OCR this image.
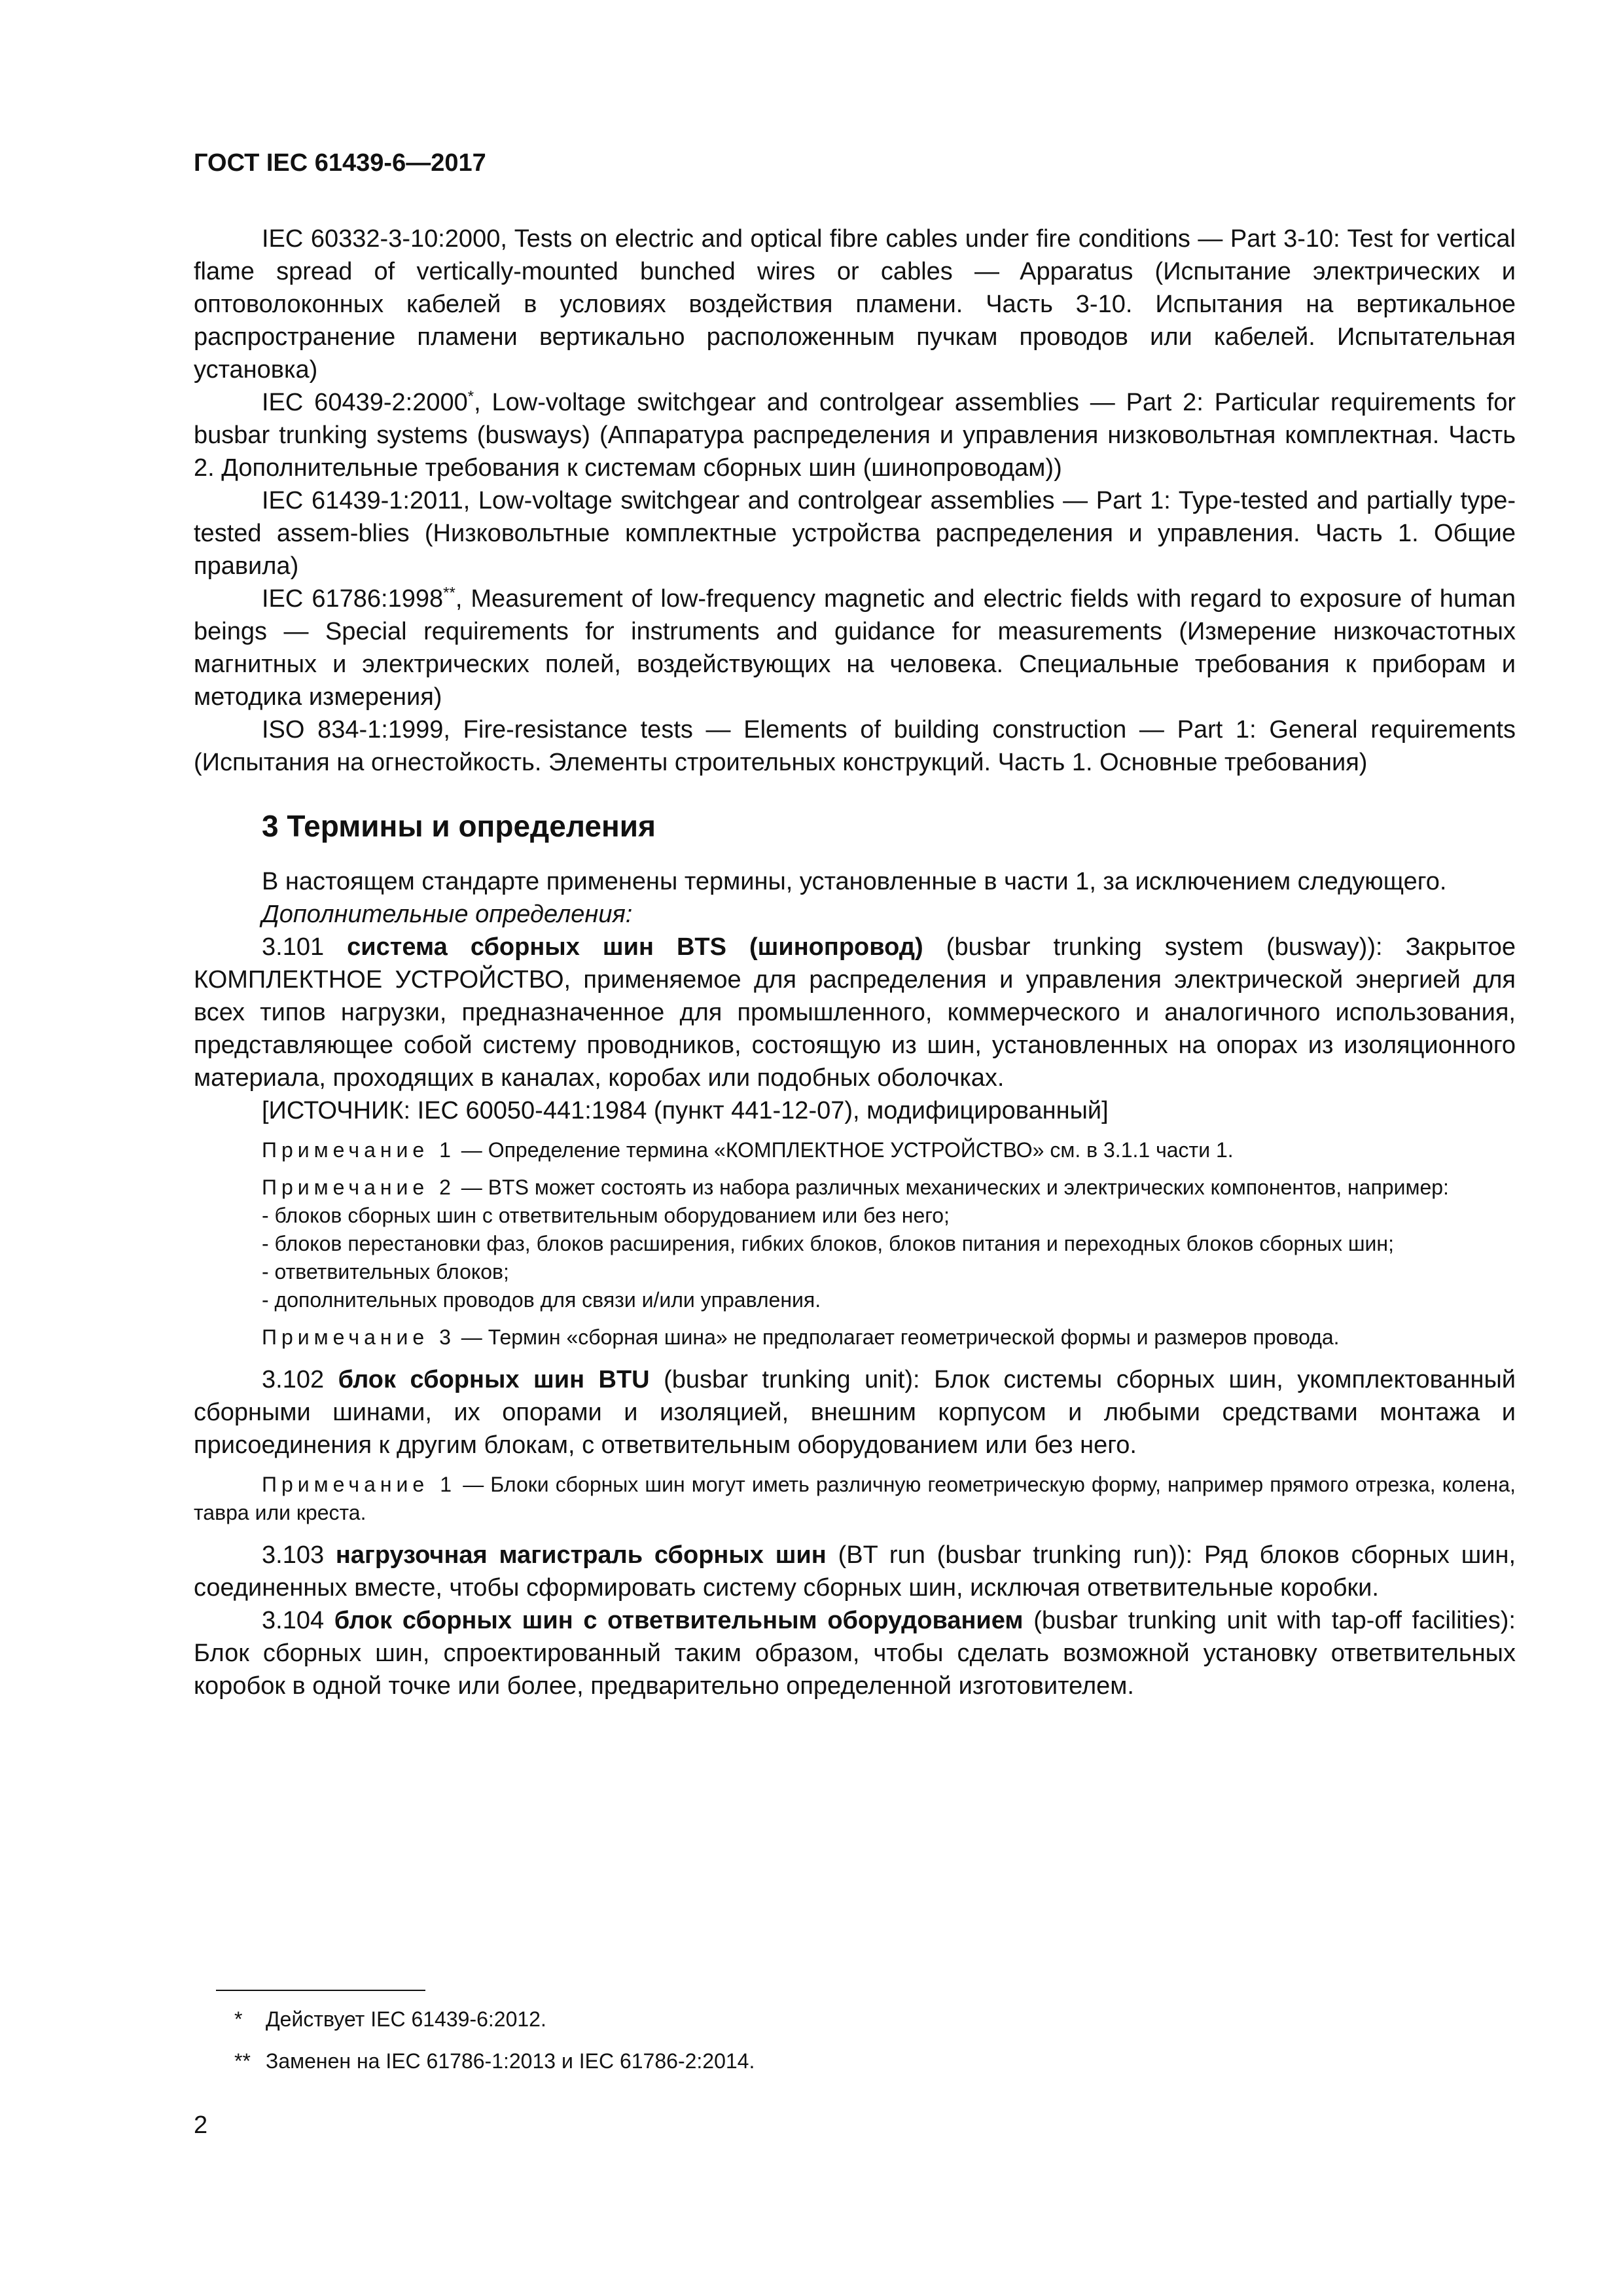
ГОСТ IEC 61439-6—2017

IEC 60332-3-10:2000, Tests on electric and optical fibre cables under fire conditions — Part 3-10: Test for vertical flame spread of vertically-mounted bunched wires or cables — Apparatus (Испытание электрических и оптоволоконных кабелей в условиях воздействия пламени. Часть 3-10. Испытания на вертикальное распространение пламени вертикально расположенным пучкам проводов или кабелей. Испытательная установка)

IEC 60439-2:2000*, Low-voltage switchgear and controlgear assemblies — Part 2: Particular requirements for busbar trunking systems (busways) (Аппаратура распределения и управления низковольтная комплектная. Часть 2. Дополнительные требования к системам сборных шин (шинопроводам))

IEC 61439-1:2011, Low-voltage switchgear and controlgear assemblies — Part 1: Type-tested and partially type-tested assem-blies (Низковольтные комплектные устройства распределения и управления. Часть 1. Общие правила)

IEC 61786:1998**, Measurement of low-frequency magnetic and electric fields with regard to exposure of human beings — Special requirements for instruments and guidance for measurements (Измерение низкочастотных магнитных и электрических полей, воздействующих на человека. Специальные требования к приборам и методика измерения)

ISO 834-1:1999, Fire-resistance tests — Elements of building construction — Part 1: General requirements (Испытания на огнестойкость. Элементы строительных конструкций. Часть 1. Основные требования)

3 Термины и определения

В настоящем стандарте применены термины, установленные в части 1, за исключением следующего.

Дополнительные определения:

3.101 система сборных шин BTS (шинопровод) (busbar trunking system (busway)): Закрытое КОМПЛЕКТНОЕ УСТРОЙСТВО, применяемое для распределения и управления электрической энергией для всех типов нагрузки, предназначенное для промышленного, коммерческого и аналогичного использования, представляющее собой систему проводников, состоящую из шин, установленных на опорах из изоляционного материала, проходящих в каналах, коробах или подобных оболочках.

[ИСТОЧНИК: IEC 60050-441:1984 (пункт 441-12-07), модифицированный]

Примечание 1 — Определение термина «КОМПЛЕКТНОЕ УСТРОЙСТВО» см. в 3.1.1 части 1.

Примечание 2 — BTS может состоять из набора различных механических и электрических компонентов, например:

- блоков сборных шин с ответвительным оборудованием или без него;

- блоков перестановки фаз, блоков расширения, гибких блоков, блоков питания и переходных блоков сборных шин;

- ответвительных блоков;

- дополнительных проводов для связи и/или управления.

Примечание 3 — Термин «сборная шина» не предполагает геометрической формы и размеров провода.

3.102 блок сборных шин BTU (busbar trunking unit): Блок системы сборных шин, укомплектованный сборными шинами, их опорами и изоляцией, внешним корпусом и любыми средствами монтажа и присоединения к другим блокам, с ответвительным оборудованием или без него.

Примечание 1 — Блоки сборных шин могут иметь различную геометрическую форму, например прямого отрезка, колена, тавра или креста.

3.103 нагрузочная магистраль сборных шин (BT run (busbar trunking run)): Ряд блоков сборных шин, соединенных вместе, чтобы сформировать систему сборных шин, исключая ответвительные коробки.

3.104 блок сборных шин с ответвительным оборудованием (busbar trunking unit with tap-off facilities): Блок сборных шин, спроектированный таким образом, чтобы сделать возможной установку ответвительных коробок в одной точке или более, предварительно определенной изготовителем.

* Действует IEC 61439-6:2012.
** Заменен на IEC 61786-1:2013 и IEC 61786-2:2014.
2
